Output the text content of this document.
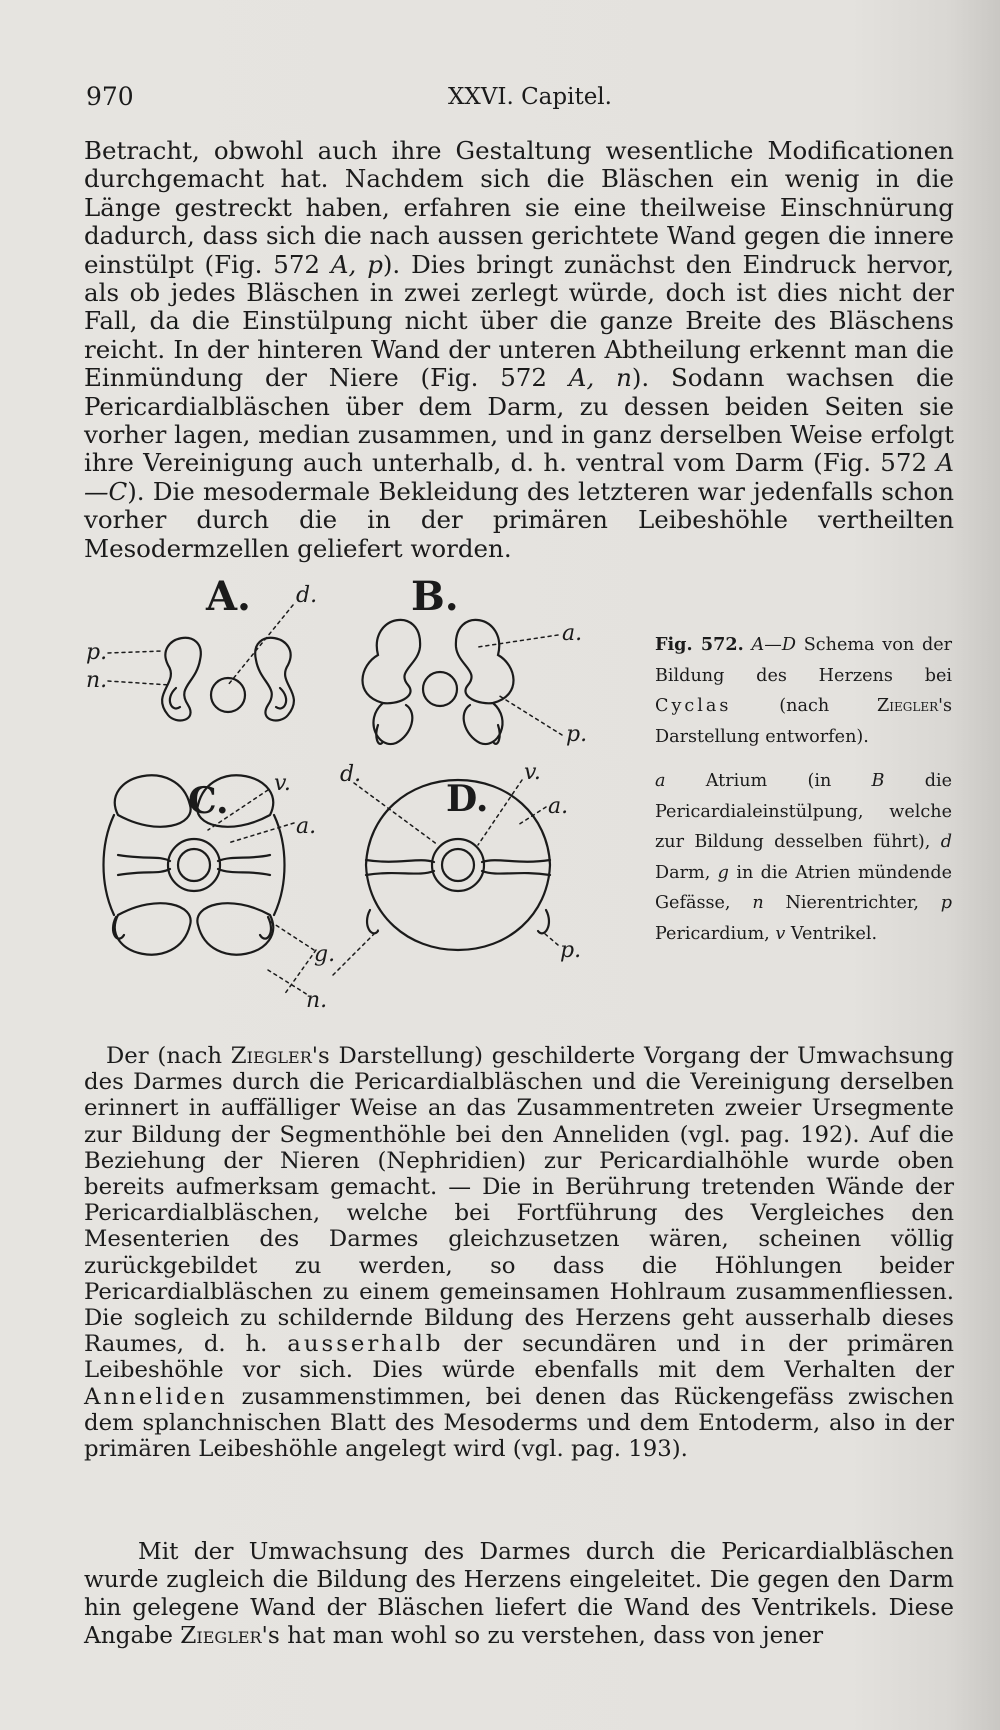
970	XXVI. Capitel.

Betracht, obwohl auch ihre Gestaltung wesentliche Modificationen durchgemacht hat. Nachdem sich die Bläschen ein wenig in die Länge gestreckt haben, erfahren sie eine theilweise Einschnürung dadurch, dass sich die nach aussen gerichtete Wand gegen die innere einstülpt (Fig. 572 A, p). Dies bringt zunächst den Eindruck hervor, als ob jedes Bläschen in zwei zerlegt würde, doch ist dies nicht der Fall, da die Einstülpung nicht über die ganze Breite des Bläschens reicht. In der hinteren Wand der unteren Abtheilung erkennt man die Einmündung der Niere (Fig. 572 A, n). Sodann wachsen die Pericardialbläschen über dem Darm, zu dessen beiden Seiten sie vorher lagen, median zusammen, und in ganz derselben Weise erfolgt ihre Vereinigung auch unterhalb, d. h. ventral vom Darm (Fig. 572 A—C). Die mesodermale Bekleidung des letzteren war jedenfalls schon vorher durch die in der primären Leibeshöhle vertheilten Mesodermzellen geliefert worden.

A.	B.
C.	D.
d.
p.
n.
a.
p.
v.
a.
g.
n.
v.
d.
a.
p.

Fig. 572. A—D Schema von der Bildung des Herzens bei Cyclas (nach Ziegler's Darstellung entworfen).

a Atrium (in B die Pericardialeinstülpung, welche zur Bildung desselben führt), d Darm, g in die Atrien mündende Gefässe, n Nierentrichter, p Pericardium, v Ventrikel.

Der (nach Ziegler's Darstellung) geschilderte Vorgang der Umwachsung des Darmes durch die Pericardialbläschen und die Vereinigung derselben erinnert in auffälliger Weise an das Zusammentreten zweier Ursegmente zur Bildung der Segmenthöhle bei den Anneliden (vgl. pag. 192). Auf die Beziehung der Nieren (Nephridien) zur Pericardialhöhle wurde oben bereits aufmerksam gemacht. — Die in Berührung tretenden Wände der Pericardialbläschen, welche bei Fortführung des Vergleiches den Mesenterien des Darmes gleichzusetzen wären, scheinen völlig zurückgebildet zu werden, so dass die Höhlungen beider Pericardialbläschen zu einem gemeinsamen Hohlraum zusammenfliessen. Die sogleich zu schildernde Bildung des Herzens geht ausserhalb dieses Raumes, d. h. ausserhalb der secundären und in der primären Leibeshöhle vor sich. Dies würde ebenfalls mit dem Verhalten der Anneliden zusammenstimmen, bei denen das Rückengefäss zwischen dem splanchnischen Blatt des Mesoderms und dem Entoderm, also in der primären Leibeshöhle angelegt wird (vgl. pag. 193).

Mit der Umwachsung des Darmes durch die Pericardialbläschen wurde zugleich die Bildung des Herzens eingeleitet. Die gegen den Darm hin gelegene Wand der Bläschen liefert die Wand des Ventrikels. Diese Angabe Ziegler's hat man wohl so zu verstehen, dass von jener
